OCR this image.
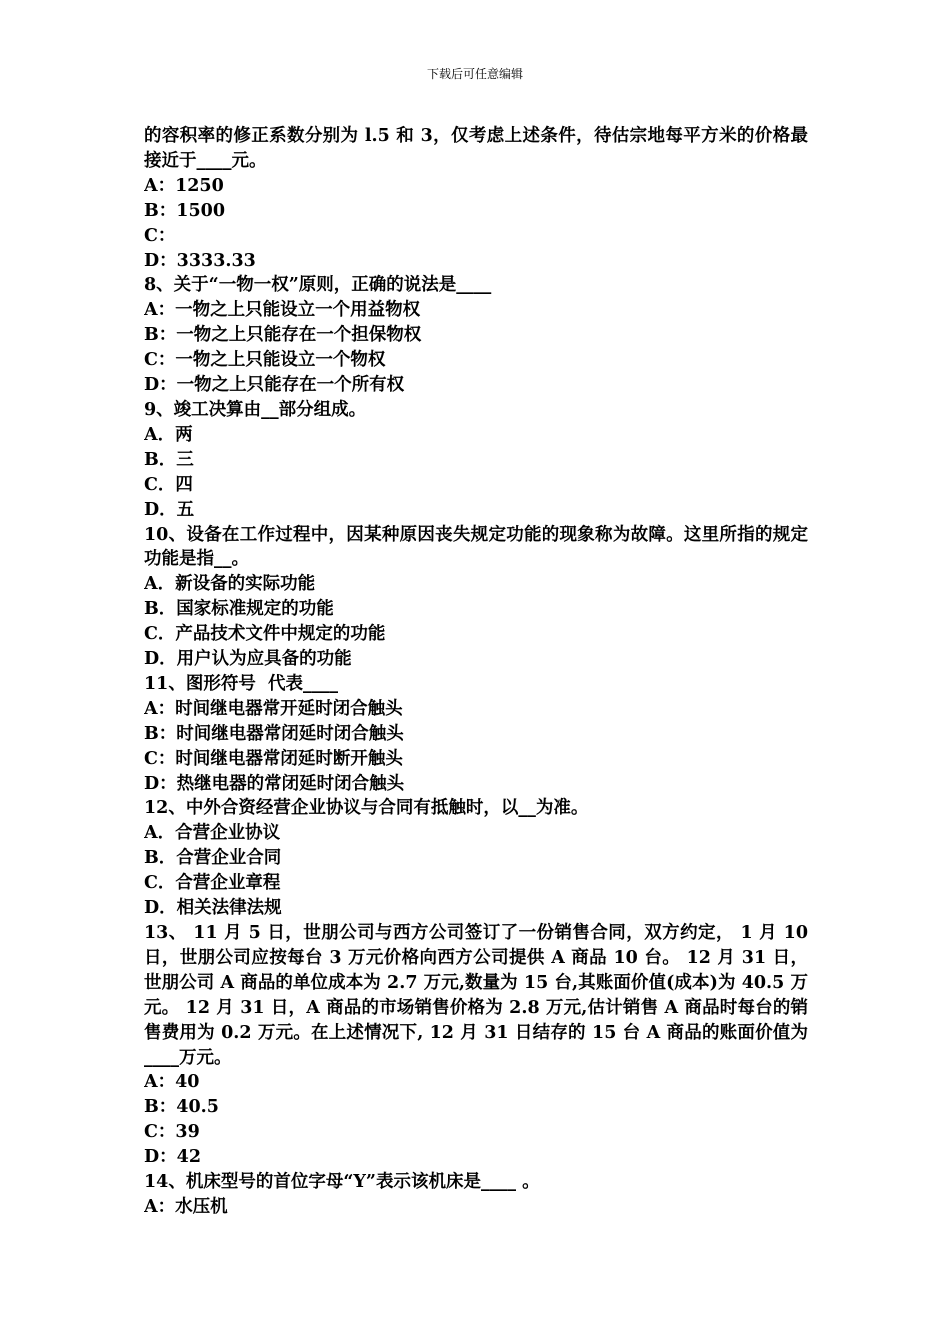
下载后可任意编辑
的容积率的修正系数分别为 l.5 和 3，仅考虑上述条件，待估宗地每平方米的价格最接近于____元。
A：1250
B：1500
C：
D：3333.33
8、关于“一物一权”原则，正确的说法是____
A：一物之上只能设立一个用益物权
B：一物之上只能存在一个担保物权
C：一物之上只能设立一个物权
D：一物之上只能存在一个所有权
9、竣工决算由__部分组成。
A．两
B．三
C．四
D．五
10、设备在工作过程中，因某种原因丧失规定功能的现象称为故障。这里所指的规定功能是指__。
A．新设备的实际功能
B．国家标准规定的功能
C．产品技术文件中规定的功能
D．用户认为应具备的功能
11、图形符号  代表____
A：时间继电器常开延时闭合触头
B：时间继电器常闭延时闭合触头
C：时间继电器常闭延时断开触头
D：热继电器的常闭延时闭合触头
12、中外合资经营企业协议与合同有抵触时，以__为准。
A．合营企业协议
B．合营企业合同
C．合营企业章程
D．相关法律法规
13、 11 月 5 日，世朋公司与西方公司签订了一份销售合同，双方约定， 1 月 10 日，世朋公司应按每台 3 万元价格向西方公司提供 A 商品 10 台。 12 月 31 日，世朋公司 A 商品的单位成本为 2.7 万元,数量为 15 台,其账面价值(成本)为 40.5 万元。 12 月 31 日，A 商品的市场销售价格为 2.8 万元,估计销售 A 商品时每台的销售费用为 0.2 万元。在上述情况下, 12 月 31 日结存的 15 台 A 商品的账面价值为____万元。
A：40
B：40.5
C：39
D：42
14、机床型号的首位字母“Y”表示该机床是____ 。
A：水压机
